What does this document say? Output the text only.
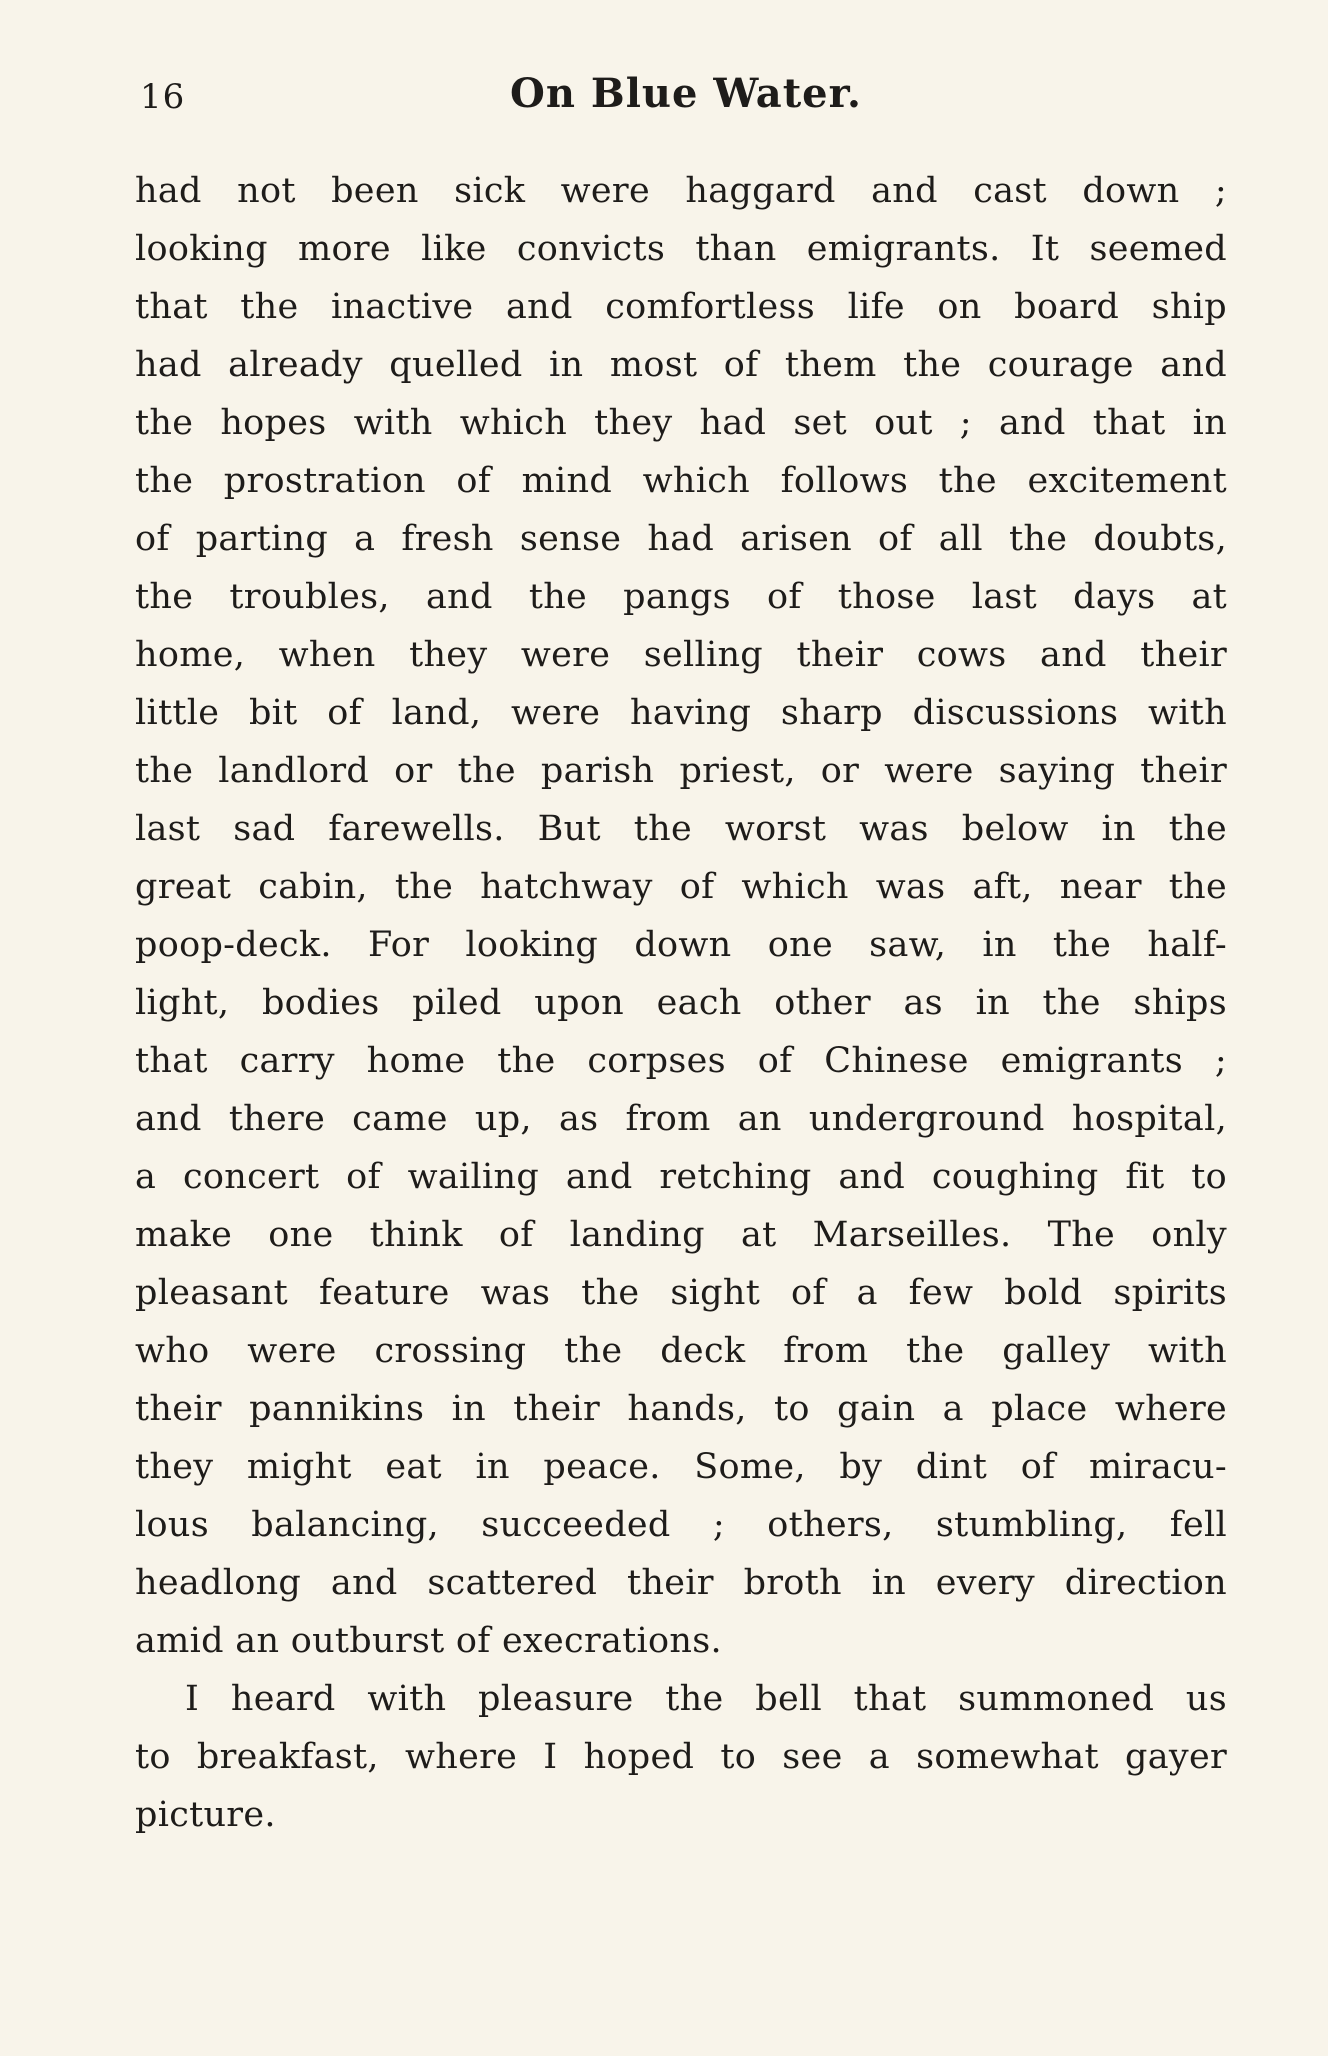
16	On Blue Water.
had not been sick were haggard and cast down ;
looking more like convicts than emigrants. It seemed
that the inactive and comfortless life on board ship
had already quelled in most of them the courage and
the hopes with which they had set out ; and that in
the prostration of mind which follows the excitement
of parting a fresh sense had arisen of all the doubts,
the troubles, and the pangs of those last days at
home, when they were selling their cows and their
little bit of land, were having sharp discussions with
the landlord or the parish priest, or were saying their
last sad farewells. But the worst was below in the
great cabin, the hatchway of which was aft, near the
poop-deck. For looking down one saw, in the half-
light, bodies piled upon each other as in the ships
that carry home the corpses of Chinese emigrants ;
and there came up, as from an underground hospital,
a concert of wailing and retching and coughing fit to
make one think of landing at Marseilles. The only
pleasant feature was the sight of a few bold spirits
who were crossing the deck from the galley with
their pannikins in their hands, to gain a place where
they might eat in peace. Some, by dint of miracu-
lous balancing, succeeded ; others, stumbling, fell
headlong and scattered their broth in every direction
amid an outburst of execrations.
I heard with pleasure the bell that summoned us
to breakfast, where I hoped to see a somewhat gayer
picture.
